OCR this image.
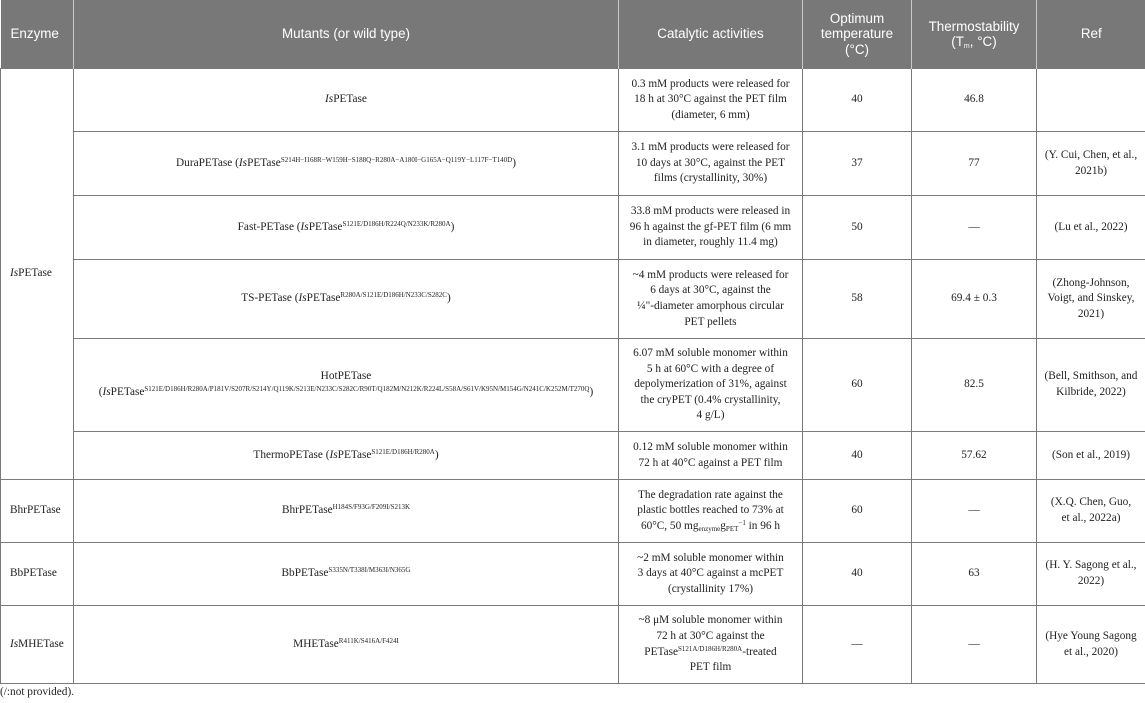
Enzyme	Mutants (or wild type)	Catalytic activities	Optimum
temperature
(°C)	Thermostability
($T_m$, °C)	Ref
IsPETase	IsPETase	0.3 mM products were released for
18 h at 30°C against the PET film
(diameter, 6 mm)	40	46.8	
	DuraPETase (IsPETase$^{S214H-I168R-W159H-S188Q-R280A-A180I-G165A-Q119Y-L117F-T140D}$)	3.1 mM products were released for
10 days at 30°C, against the PET
films (crystallinity, 30%)	37	77	(Y. Cui, Chen, et al.,
2021b)
	Fast-PETase (IsPETase$^{S121E/D186H/R224Q/N233K/R280A}$)	33.8 mM products were released in
96 h against the gf-PET film (6 mm
in diameter, roughly 11.4 mg)	50	—	(Lu et al., 2022)
	TS-PETase (IsPETase$^{R280A/S121E/D186H/N233C/S282C}$)	~4 mM products were released for
6 days at 30°C, against the
¼"-diameter amorphous circular
PET pellets	58	69.4 ± 0.3	(Zhong-Johnson,
Voigt, and Sinskey,
2021)
	HotPETase
(IsPETase$^{S121E/D186H/R280A/P181V/S207R/S214Y/Q119K/S213E/N233C/S282C/R90T/Q182M/N212K/R224L/S58A/S61V/K95N/M154G/N241C/K252M/T270Q}$)	6.07 mM soluble monomer within
5 h at 60°C with a degree of
depolymerization of 31%, against
the cryPET (0.4% crystallinity,
4 g/L)	60	82.5	(Bell, Smithson, and
Kilbride, 2022)
	ThermoPETase (IsPETase$^{S121E/D186H/R280A}$)	0.12 mM soluble monomer within
72 h at 40°C against a PET film	40	57.62	(Son et al., 2019)
BhrPETase	BhrPETase$^{H184S/F93G/F209I/S213K}$	The degradation rate against the
plastic bottles reached to 73% at
60°C, 50 $mg_{enzyme}g_{PET}^{-1}$ in 96 h	60	—	(X.Q. Chen, Guo,
et al., 2022a)
BbPETase	BbPETase$^{S335N/T338I/M363I/N365G}$	~2 mM soluble monomer within
3 days at 40°C against a mcPET
(crystallinity 17%)	40	63	(H. Y. Sagong et al.,
2022)
IsMHETase	MHETase$^{R411K/S416A/F424I}$	~8 μM soluble monomer within
72 h at 30°C against the
PETase$^{S121A/D186H/R280A}$-treated
PET film	—	—	(Hye Young Sagong
et al., 2020)
(/:not provided).
